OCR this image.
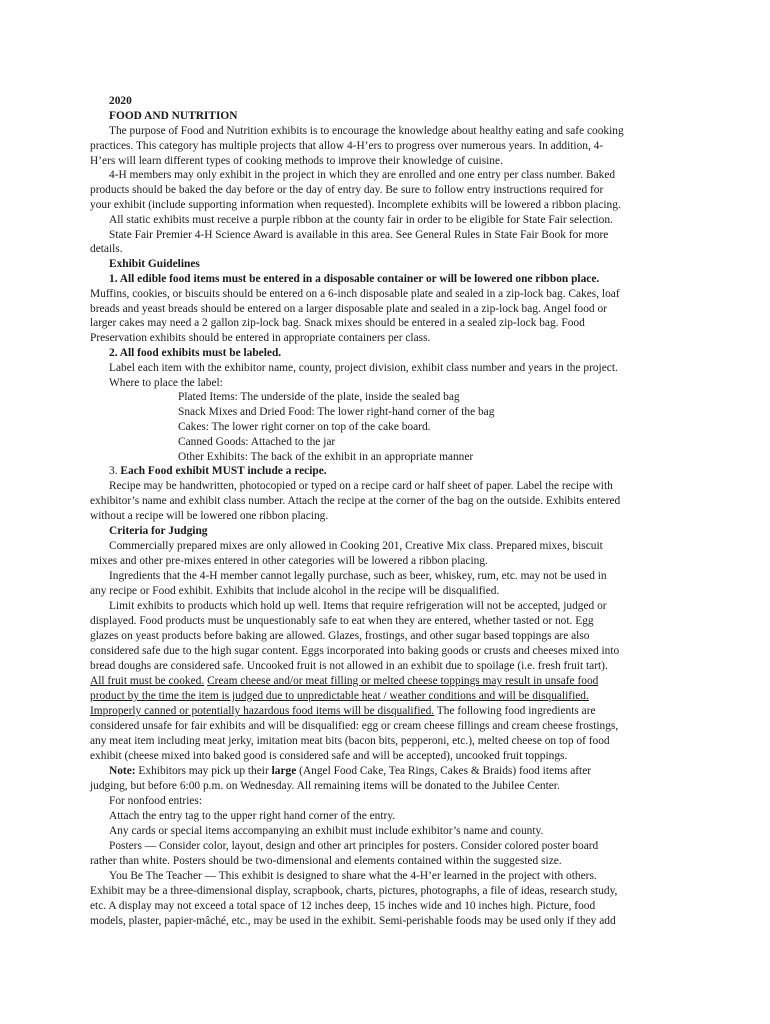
2020
FOOD AND NUTRITION
The purpose of Food and Nutrition exhibits is to encourage the knowledge about healthy eating and safe cooking
practices. This category has multiple projects that allow 4-H’ers to progress over numerous years. In addition, 4-
H’ers will learn different types of cooking methods to improve their knowledge of cuisine.
4-H members may only exhibit in the project in which they are enrolled and one entry per class number. Baked
products should be baked the day before or the day of entry day. Be sure to follow entry instructions required for
your exhibit (include supporting information when requested). Incomplete exhibits will be lowered a ribbon placing.
All static exhibits must receive a purple ribbon at the county fair in order to be eligible for State Fair selection.
State Fair Premier 4-H Science Award is available in this area. See General Rules in State Fair Book for more
details.
Exhibit Guidelines
1. All edible food items must be entered in a disposable container or will be lowered one ribbon place.
Muffins, cookies, or biscuits should be entered on a 6-inch disposable plate and sealed in a zip-lock bag. Cakes, loaf
breads and yeast breads should be entered on a larger disposable plate and sealed in a zip-lock bag. Angel food or
larger cakes may need a 2 gallon zip-lock bag. Snack mixes should be entered in a sealed zip-lock bag. Food
Preservation exhibits should be entered in appropriate containers per class.
2. All food exhibits must be labeled.
Label each item with the exhibitor name, county, project division, exhibit class number and years in the project.
Where to place the label:
Plated Items: The underside of the plate, inside the sealed bag
Snack Mixes and Dried Food: The lower right-hand corner of the bag
Cakes: The lower right corner on top of the cake board.
Canned Goods: Attached to the jar
Other Exhibits: The back of the exhibit in an appropriate manner
3. Each Food exhibit MUST include a recipe.
Recipe may be handwritten, photocopied or typed on a recipe card or half sheet of paper. Label the recipe with
exhibitor’s name and exhibit class number. Attach the recipe at the corner of the bag on the outside. Exhibits entered
without a recipe will be lowered one ribbon placing.
Criteria for Judging
Commercially prepared mixes are only allowed in Cooking 201, Creative Mix class. Prepared mixes, biscuit
mixes and other pre-mixes entered in other categories will be lowered a ribbon placing.
Ingredients that the 4-H member cannot legally purchase, such as beer, whiskey, rum, etc. may not be used in
any recipe or Food exhibit. Exhibits that include alcohol in the recipe will be disqualified.
Limit exhibits to products which hold up well. Items that require refrigeration will not be accepted, judged or
displayed. Food products must be unquestionably safe to eat when they are entered, whether tasted or not. Egg
glazes on yeast products before baking are allowed. Glazes, frostings, and other sugar based toppings are also
considered safe due to the high sugar content. Eggs incorporated into baking goods or crusts and cheeses mixed into
bread doughs are considered safe. Uncooked fruit is not allowed in an exhibit due to spoilage (i.e. fresh fruit tart).
All fruit must be cooked. Cream cheese and/or meat filling or melted cheese toppings may result in unsafe food
product by the time the item is judged due to unpredictable heat / weather conditions and will be disqualified.
Improperly canned or potentially hazardous food items will be disqualified. The following food ingredients are
considered unsafe for fair exhibits and will be disqualified: egg or cream cheese fillings and cream cheese frostings,
any meat item including meat jerky, imitation meat bits (bacon bits, pepperoni, etc.), melted cheese on top of food
exhibit (cheese mixed into baked good is considered safe and will be accepted), uncooked fruit toppings.
Note: Exhibitors may pick up their large (Angel Food Cake, Tea Rings, Cakes & Braids) food items after
judging, but before 6:00 p.m. on Wednesday. All remaining items will be donated to the Jubilee Center.
For nonfood entries:
Attach the entry tag to the upper right hand corner of the entry.
Any cards or special items accompanying an exhibit must include exhibitor’s name and county.
Posters — Consider color, layout, design and other art principles for posters. Consider colored poster board
rather than white. Posters should be two-dimensional and elements contained within the suggested size.
You Be The Teacher — This exhibit is designed to share what the 4-H’er learned in the project with others.
Exhibit may be a three-dimensional display, scrapbook, charts, pictures, photographs, a file of ideas, research study,
etc. A display may not exceed a total space of 12 inches deep, 15 inches wide and 10 inches high. Picture, food
models, plaster, papier-mâché, etc., may be used in the exhibit. Semi-perishable foods may be used only if they add
